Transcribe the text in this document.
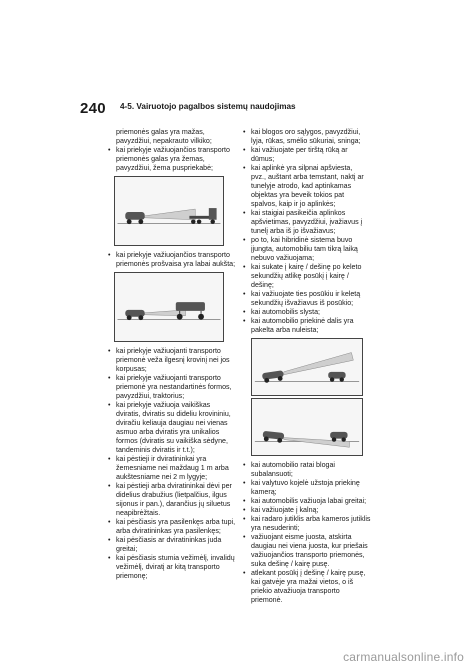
240 4-5. Vairuotojo pagalbos sistemų naudojimas

priemonės galas yra mažas,
pavyzdžiui, nepakrauto vilkiko;

• kai priekyje važiuojančios transporto
priemonės galas yra žemas,
pavyzdžiui, žema puspriekabė;

• kai priekyje važiuojančios transporto
priemonės prošvaisa yra labai aukšta;

• kai priekyje važiuojanti transporto
priemonė veža ilgesnį krovinį nei jos
korpusas;

• kai priekyje važiuojanti transporto
priemonė yra nestandartinės formos,
pavyzdžiui, traktorius;

• kai priekyje važiuoja vaikiškas
dviratis, dviratis su dideliu krovininiu,
dviračiu keliauja daugiau nei vienas
asmuo arba dviratis yra unikalios
formos (dviratis su vaikiška sėdyne,
tandeminis dviratis ir t.t.);

• kai pėstieji ir dviratininkai yra
žemesniame nei maždaug 1 m arba
aukštesniame nei 2 m lygyje;

• kai pėstieji arba dviratininkai dėvi per
didelius drabužius (lietpalčius, ilgus
sijonus ir pan.), darančius jų siluetus
neapibrėžtais.

• kai pėsčiasis yra pasilenkęs arba tupi,
arba dviratininkas yra pasilenkęs;

• kai pėsčiasis ar dviratininkas juda
greitai;

• kai pėsčiasis stumia vežimėlį, invalidų
vežimėlį, dviratį ar kitą transporto
priemonę;

• kai blogos oro sąlygos, pavyzdžiui,
lyja, rūkas, smėlio sūkuriai, sninga;

• kai važiuojate per tirštą rūką ar
dūmus;

• kai aplinkė yra silpnai apšviesta,
pvz., auštant arba temstant, naktį ar
tunelyje atrodo, kad aptinkamas
objektas yra beveik tokios pat
spalvos, kaip ir jo aplinkės;

• kai staigiai pasikeičia aplinkos
apšvietimas, pavyzdžiui, įvažiavus į
tunelį arba iš jo išvažiavus;

• po to, kai hibridinė sistema buvo
įjungta, automobiliu tam tikrą laiką
nebuvo važiuojama;

• kai sukate į kairę / dešinę po keleto
sekundžių atlikę posūkį į kairę /
dešinę;

• kai važiuojate ties posūkiu ir keletą
sekundžių išvažiavus iš posūkio;

• kai automobilis slysta;

• kai automobilio priekinė dalis yra
pakelta arba nuleista;

• kai automobilio ratai blogai
subalansuoti;

• kai valytuvo kojelė užstoja priekinę
kamerą;

• kai automobilis važiuoja labai greitai;

• kai važiuojate į kalną;

• kai radaro jutiklis arba kameros jutiklis
yra nesuderinti;

• važiuojant eisme juosta, atskirta
daugiau nei viena juosta, kur priešais
važiuojančios transporto priemonės,
suka dešinę / kairę pusę.

• atlekant posūkį į dešinę / kairę pusę,
kai gatvėje yra mažai vietos, o iš
priekio atvažiuoja transporto
priemonė.

carmanualsonline.info
